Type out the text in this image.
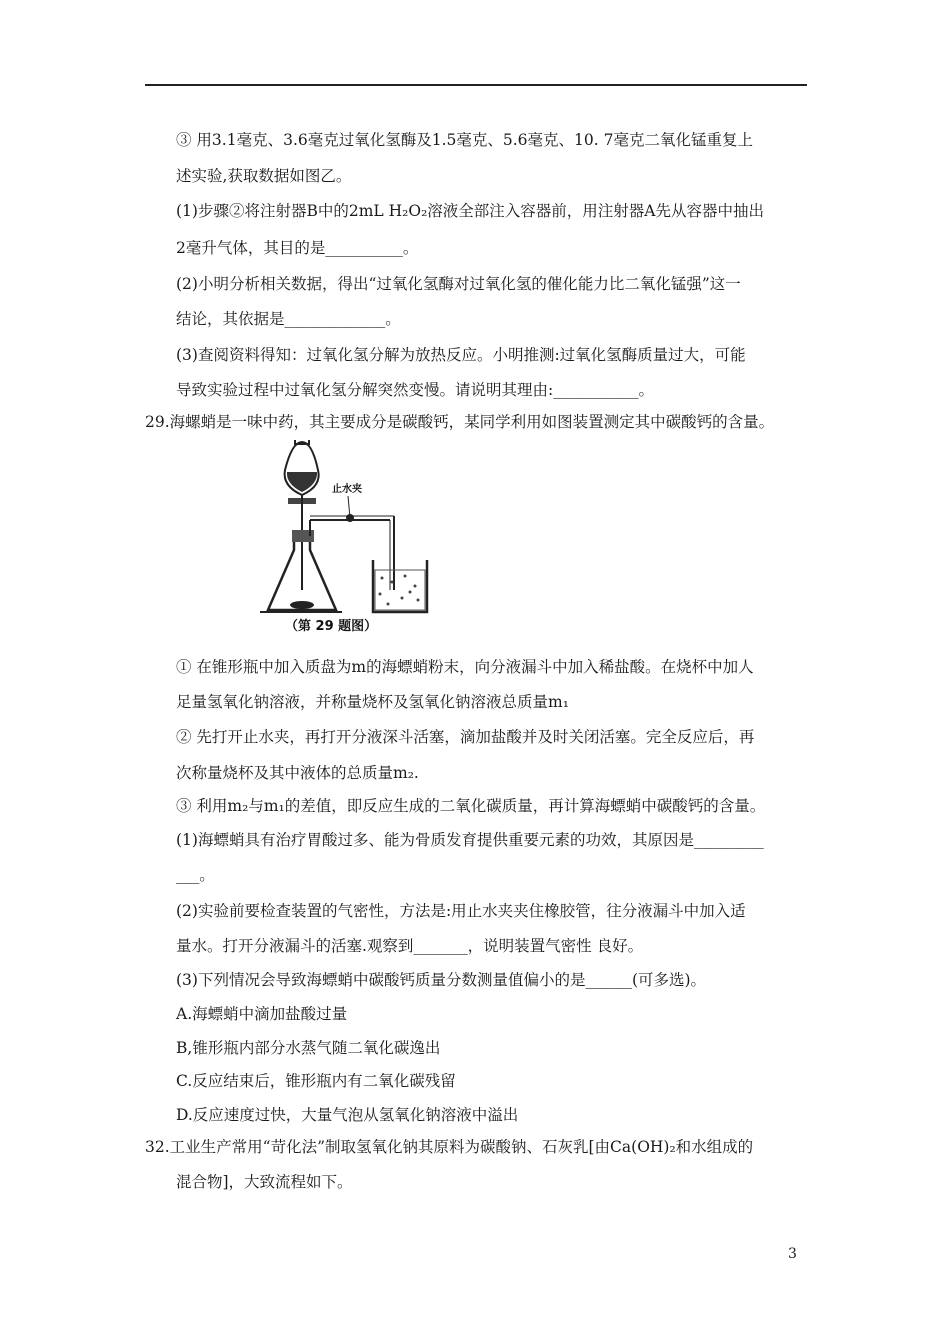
③ 用3.1毫克、3.6毫克过氧化氢酶及1.5毫克、5.6毫克、10. 7毫克二氧化锰重复上
述实验,获取数据如图乙。
(1)步骤②将注射器B中的2mL H₂O₂溶液全部注入容器前，用注射器A先从容器中抽出
2毫升气体，其目的是__________。
(2)小明分析相关数据，得出“过氧化氢酶对过氧化氢的催化能力比二氧化锰强”这一
结论，其依据是_____________。
(3)查阅资料得知：过氧化氢分解为放热反应。小明推测:过氧化氢酶质量过大，可能
导致实验过程中过氧化氢分解突然变慢。请说明其理由:___________。
29.海螺蛸是一味中药，其主要成分是碳酸钙，某同学利用如图装置测定其中碳酸钙的含量。
止水夹
（第 29 题图）
① 在锥形瓶中加入质盘为m的海螵蛸粉末，向分液漏斗中加入稀盐酸。在烧杯中加人
足量氢氧化钠溶液，并称量烧杯及氢氧化钠溶液总质量m₁
② 先打开止水夹，再打开分液深斗活塞，滴加盐酸并及时关闭活塞。完全反应后，再
次称量烧杯及其中液体的总质量m₂.
③ 利用m₂与m₁的差值，即反应生成的二氧化碳质量，再计算海螵蛸中碳酸钙的含量。
(1)海螵蛸具有治疗胃酸过多、能为骨质发育提供重要元素的功效，其原因是_________
___。
(2)实验前要检查装置的气密性，方法是:用止水夹夹住橡胶管，往分液漏斗中加入适
量水。打开分液漏斗的活塞.观察到_______，说明装置气密性 良好。
(3)下列情况会导致海螵蛸中碳酸钙质量分数测量值偏小的是______(可多选)。
A.海螵蛸中滴加盐酸过量
B,锥形瓶内部分水蒸气随二氧化碳逸出
C.反应结束后，锥形瓶内有二氧化碳残留
D.反应速度过快，大量气泡从氢氧化钠溶液中溢出
32.工业生产常用“苛化法”制取氢氧化钠其原料为碳酸钠、石灰乳[由Ca(OH)₂和水组成的
混合物]，大致流程如下。
3
